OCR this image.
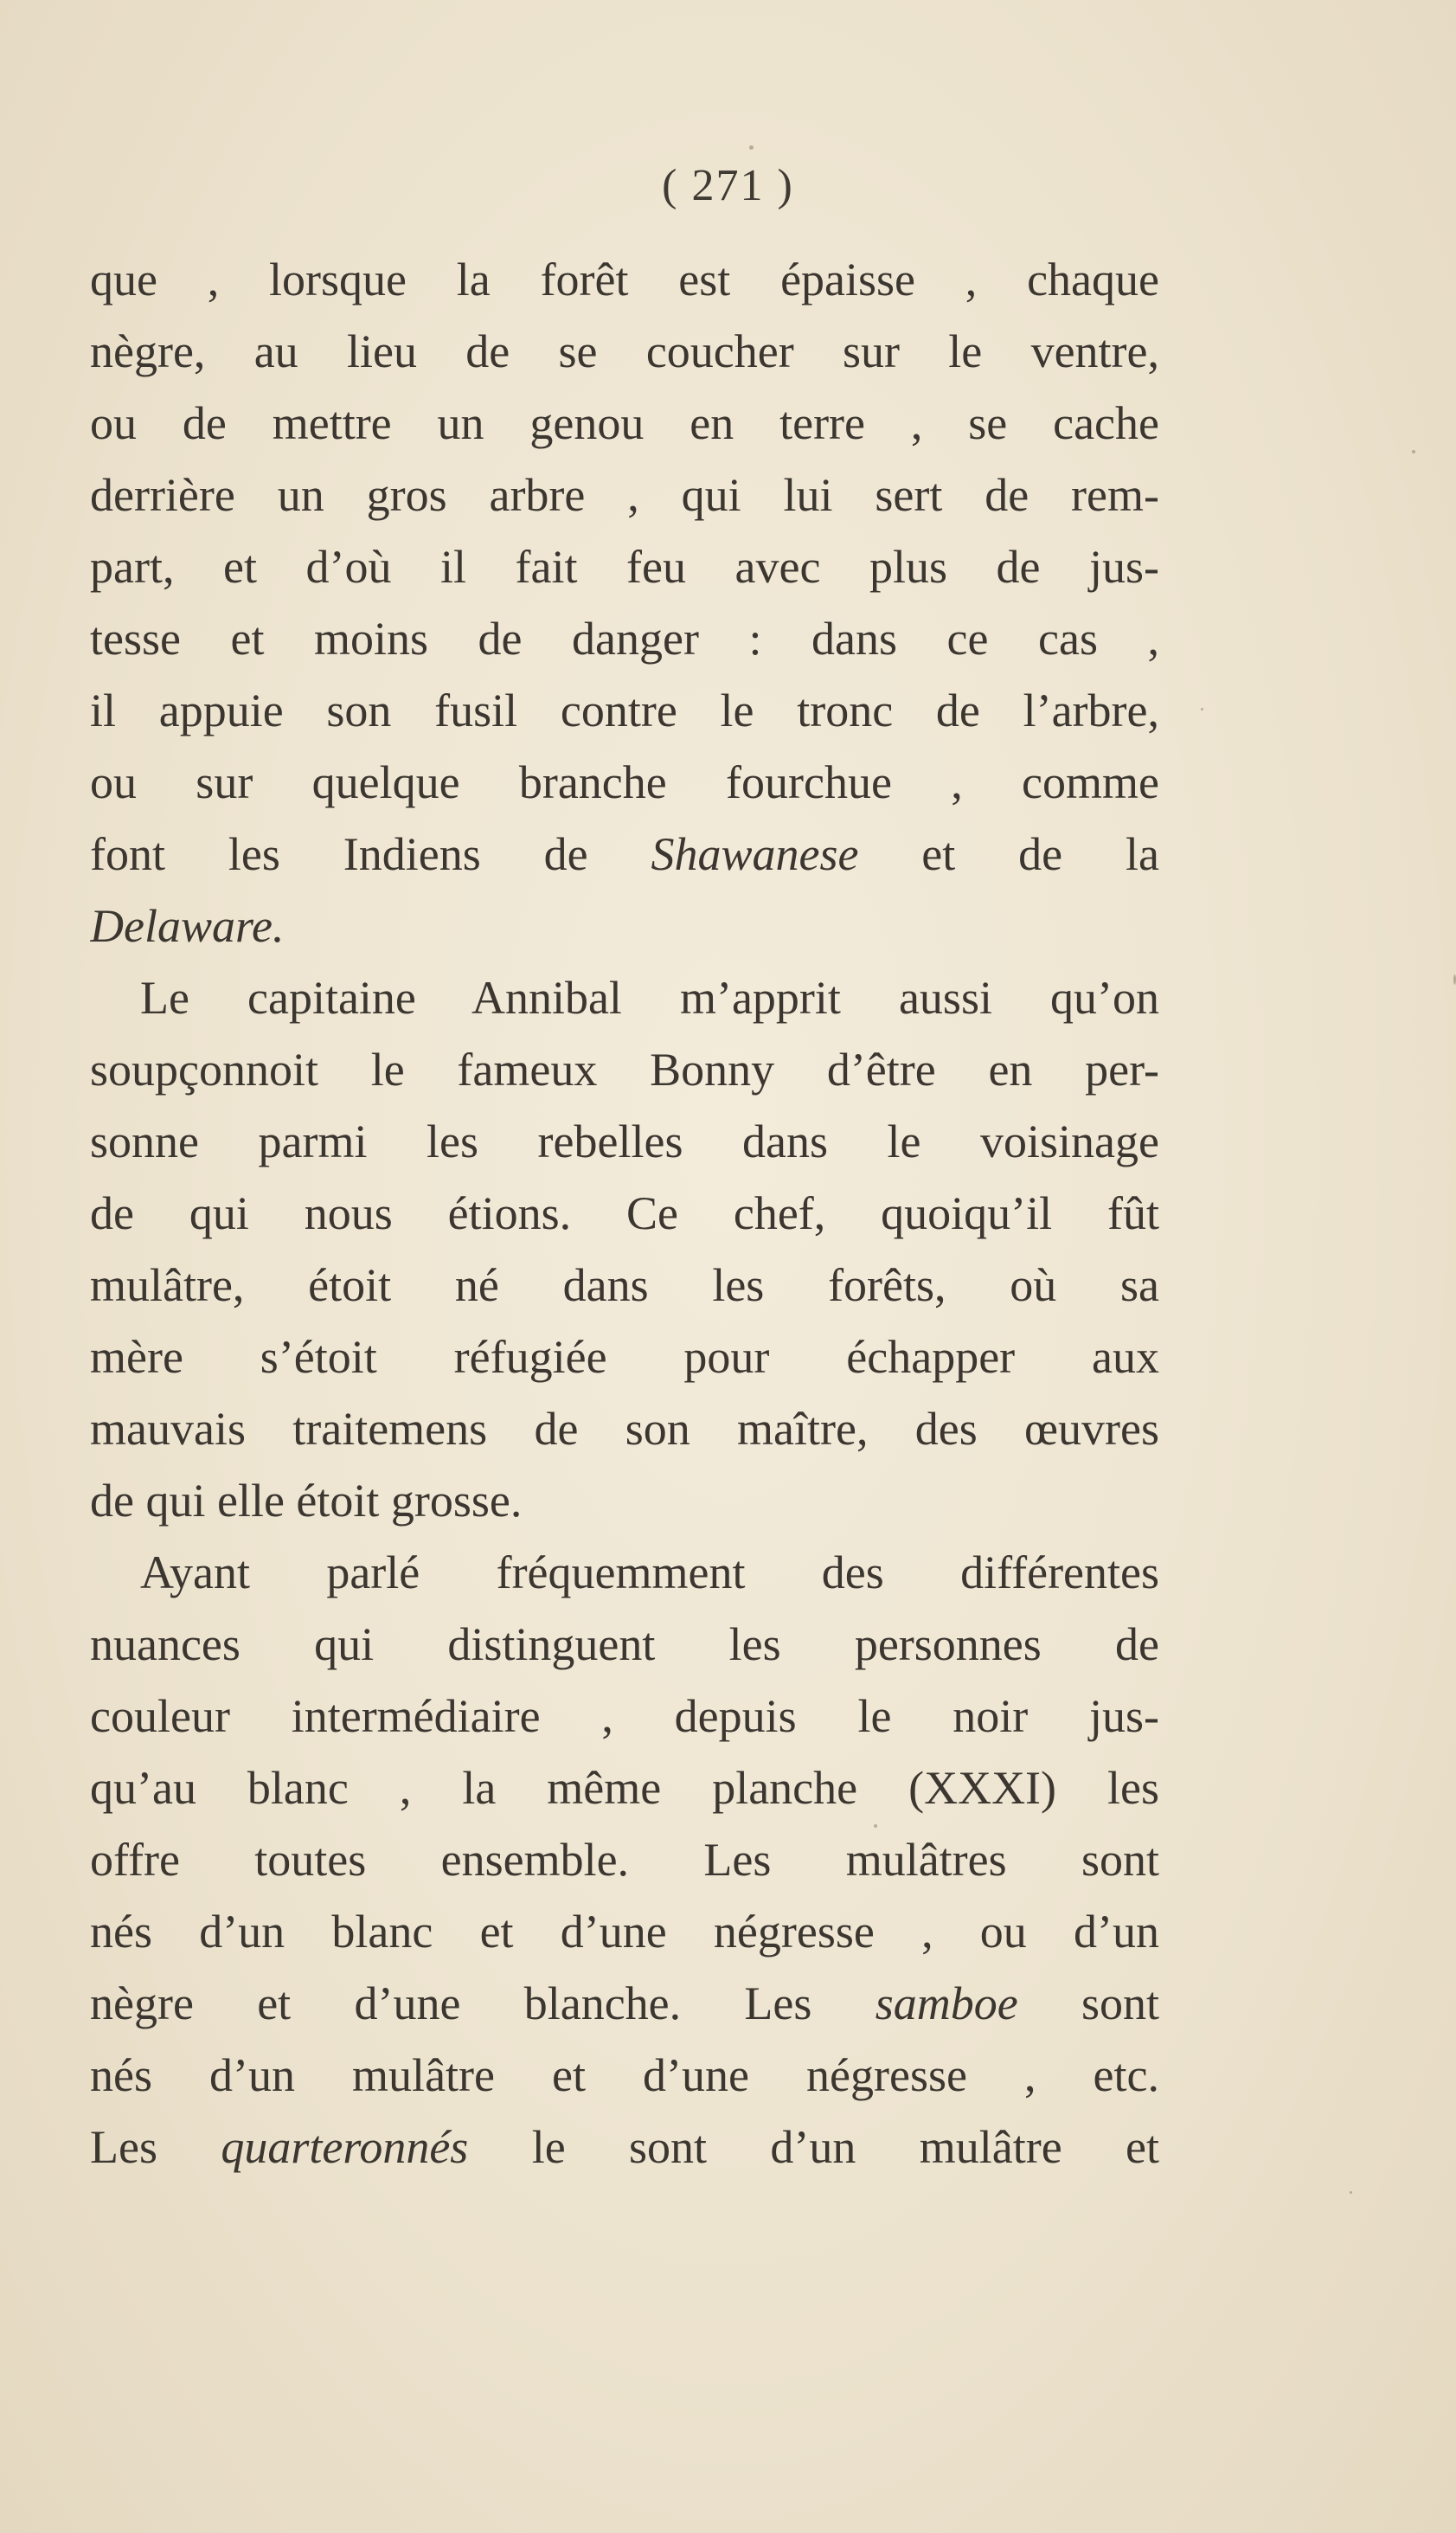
( 271 )
que , lorsque la forêt est épaisse , chaque
nègre, au lieu de se coucher sur le ventre,
ou de mettre un genou en terre , se cache
derrière un gros arbre , qui lui sert de rem-
part, et d’où il fait feu avec plus de jus-
tesse et moins de danger : dans ce cas ,
il appuie son fusil contre le tronc de l’arbre,
ou sur quelque branche fourchue , comme
font les Indiens de Shawanese et de la
Delaware.
Le capitaine Annibal m’apprit aussi qu’on
soupçonnoit le fameux Bonny d’être en per-
sonne parmi les rebelles dans le voisinage
de qui nous étions. Ce chef, quoiqu’il fût
mulâtre, étoit né dans les forêts, où sa
mère s’étoit réfugiée pour échapper aux
mauvais traitemens de son maître, des œuvres
de qui elle étoit grosse.
Ayant parlé fréquemment des différentes
nuances qui distinguent les personnes de
couleur intermédiaire , depuis le noir jus-
qu’au blanc , la même planche (XXXI) les
offre toutes ensemble. Les mulâtres sont
nés d’un blanc et d’une négresse , ou d’un
nègre et d’une blanche. Les samboe sont
nés d’un mulâtre et d’une négresse , etc.
Les quarteronnés le sont d’un mulâtre et
